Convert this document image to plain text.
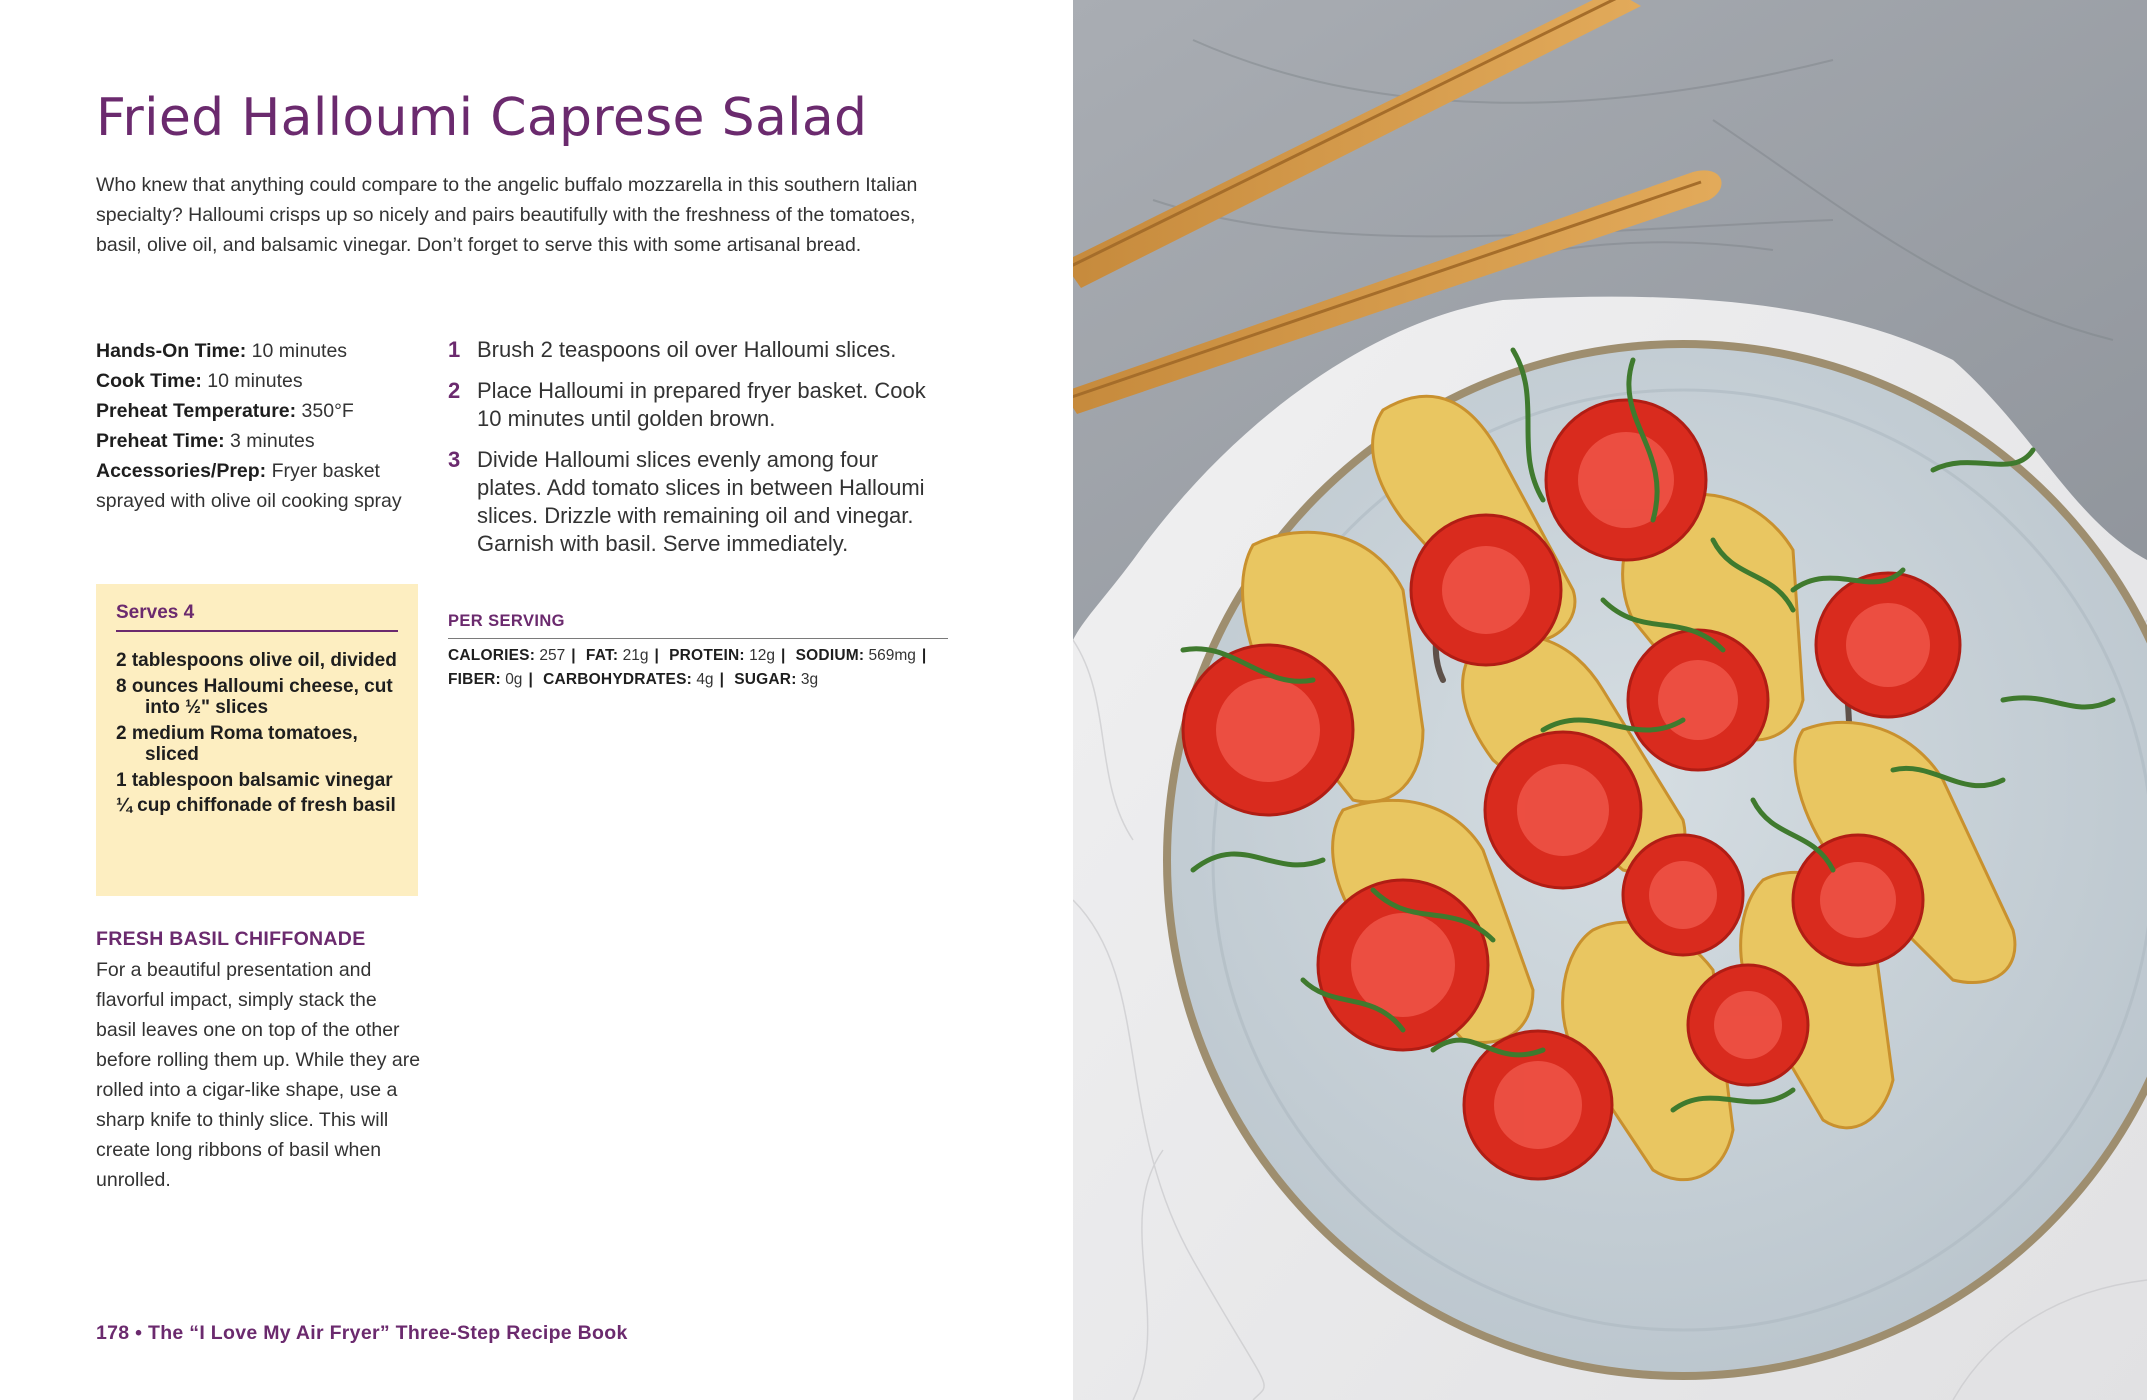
Fried Halloumi Caprese Salad

Who knew that anything could compare to the angelic buffalo mozzarella in this southern Italian specialty? Halloumi crisps up so nicely and pairs beautifully with the freshness of the tomatoes, basil, olive oil, and balsamic vinegar. Don’t forget to serve this with some artisanal bread.

Hands-On Time: 10 minutes
Cook Time: 10 minutes
Preheat Temperature: 350°F
Preheat Time: 3 minutes
Accessories/Prep: Fryer basket sprayed with olive oil cooking spray
Serves 4
2 tablespoons olive oil, divided
8 ounces Halloumi cheese, cut into ½" slices
2 medium Roma tomatoes, sliced
1 tablespoon balsamic vinegar
¼ cup chiffonade of fresh basil
FRESH BASIL CHIFFONADE

For a beautiful presentation and flavorful impact, simply stack the basil leaves one on top of the other before rolling them up. While they are rolled into a cigar-like shape, use a sharp knife to thinly slice. This will create long ribbons of basil when unrolled.

1 Brush 2 teaspoons oil over Halloumi slices.
2 Place Halloumi in prepared fryer basket. Cook 10 minutes until golden brown.
3 Divide Halloumi slices evenly among four plates. Add tomato slices in between Halloumi slices. Drizzle with remaining oil and vinegar. Garnish with basil. Serve immediately.
PER SERVING
CALORIES: 257 | FAT: 21g | PROTEIN: 12g | SODIUM: 569mg |
FIBER: 0g | CARBOHYDRATES: 4g | SUGAR: 3g
178 • The “I Love My Air Fryer” Three-Step Recipe Book
